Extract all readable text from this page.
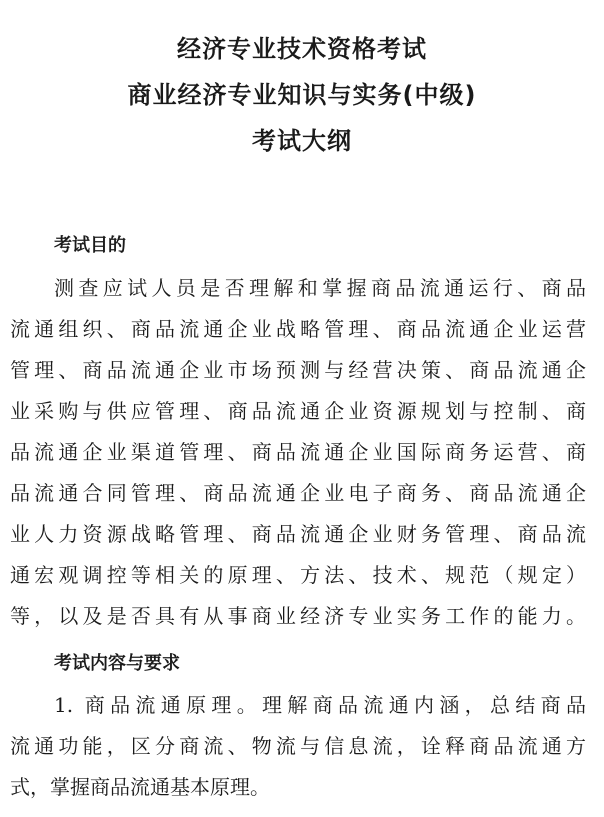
经济专业技术资格考试
商业经济专业知识与实务(中级)
考试大纲
考试目的
测查应试人员是否理解和掌握商品流通运行、商品
流通组织、商品流通企业战略管理、商品流通企业运营
管理、商品流通企业市场预测与经营决策、商品流通企
业采购与供应管理、商品流通企业资源规划与控制、商
品流通企业渠道管理、商品流通企业国际商务运营、商
品流通合同管理、商品流通企业电子商务、商品流通企
业人力资源战略管理、商品流通企业财务管理、商品流
通宏观调控等相关的原理、方法、技术、规范（规定）
等，以及是否具有从事商业经济专业实务工作的能力。
考试内容与要求
1. 商品流通原理。理解商品流通内涵，总结商品
流通功能，区分商流、物流与信息流，诠释商品流通方
式，掌握商品流通基本原理。
